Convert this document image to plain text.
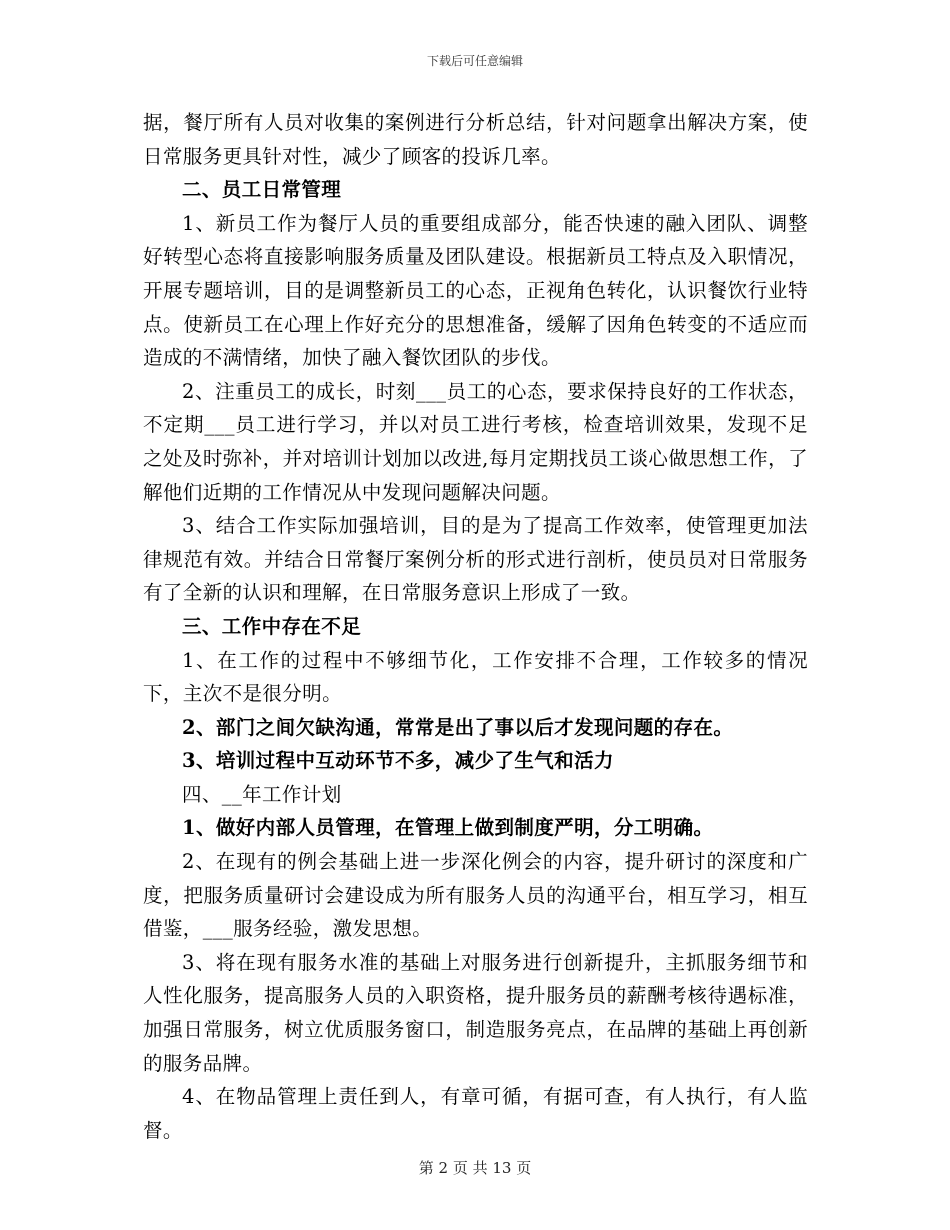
下载后可任意编辑

据，餐厅所有人员对收集的案例进行分析总结，针对问题拿出解决方案，使日常服务更具针对性，减少了顾客的投诉几率。

二、员工日常管理

1、新员工作为餐厅人员的重要组成部分，能否快速的融入团队、调整好转型心态将直接影响服务质量及团队建设。根据新员工特点及入职情况，开展专题培训，目的是调整新员工的心态，正视角色转化，认识餐饮行业特点。使新员工在心理上作好充分的思想准备，缓解了因角色转变的不适应而造成的不满情绪，加快了融入餐饮团队的步伐。

2、注重员工的成长，时刻___员工的心态，要求保持良好的工作状态，不定期___员工进行学习，并以对员工进行考核，检查培训效果，发现不足之处及时弥补，并对培训计划加以改进,每月定期找员工谈心做思想工作，了解他们近期的工作情况从中发现问题解决问题。

3、结合工作实际加强培训，目的是为了提高工作效率，使管理更加法律规范有效。并结合日常餐厅案例分析的形式进行剖析，使员员对日常服务有了全新的认识和理解，在日常服务意识上形成了一致。

三、工作中存在不足

1、在工作的过程中不够细节化，工作安排不合理，工作较多的情况下，主次不是很分明。

2、部门之间欠缺沟通，常常是出了事以后才发现问题的存在。

3、培训过程中互动环节不多，减少了生气和活力

四、__年工作计划

1、做好内部人员管理，在管理上做到制度严明，分工明确。

2、在现有的例会基础上进一步深化例会的内容，提升研讨的深度和广度，把服务质量研讨会建设成为所有服务人员的沟通平台，相互学习，相互借鉴，___服务经验，激发思想。

3、将在现有服务水准的基础上对服务进行创新提升，主抓服务细节和人性化服务，提高服务人员的入职资格，提升服务员的薪酬考核待遇标准，加强日常服务，树立优质服务窗口，制造服务亮点，在品牌的基础上再创新的服务品牌。

4、在物品管理上责任到人，有章可循，有据可查，有人执行，有人监督。

第 2 页 共 13 页
